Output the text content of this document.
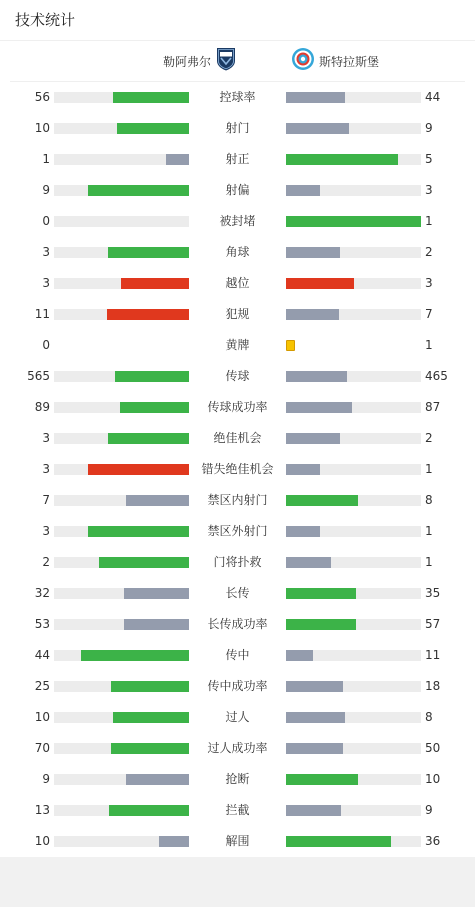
技术统计
勒阿弗尔	斯特拉斯堡
56	控球率	44
10	射门	9
1	射正	5
9	射偏	3
0	被封堵	1
3	角球	2
3	越位	3
11	犯规	7
0	黄牌	1
565	传球	465
89	传球成功率	87
3	绝佳机会	2
3	错失绝佳机会	1
7	禁区内射门	8
3	禁区外射门	1
2	门将扑救	1
32	长传	35
53	长传成功率	57
44	传中	11
25	传中成功率	18
10	过人	8
70	过人成功率	50
9	抢断	10
13	拦截	9
10	解围	36
